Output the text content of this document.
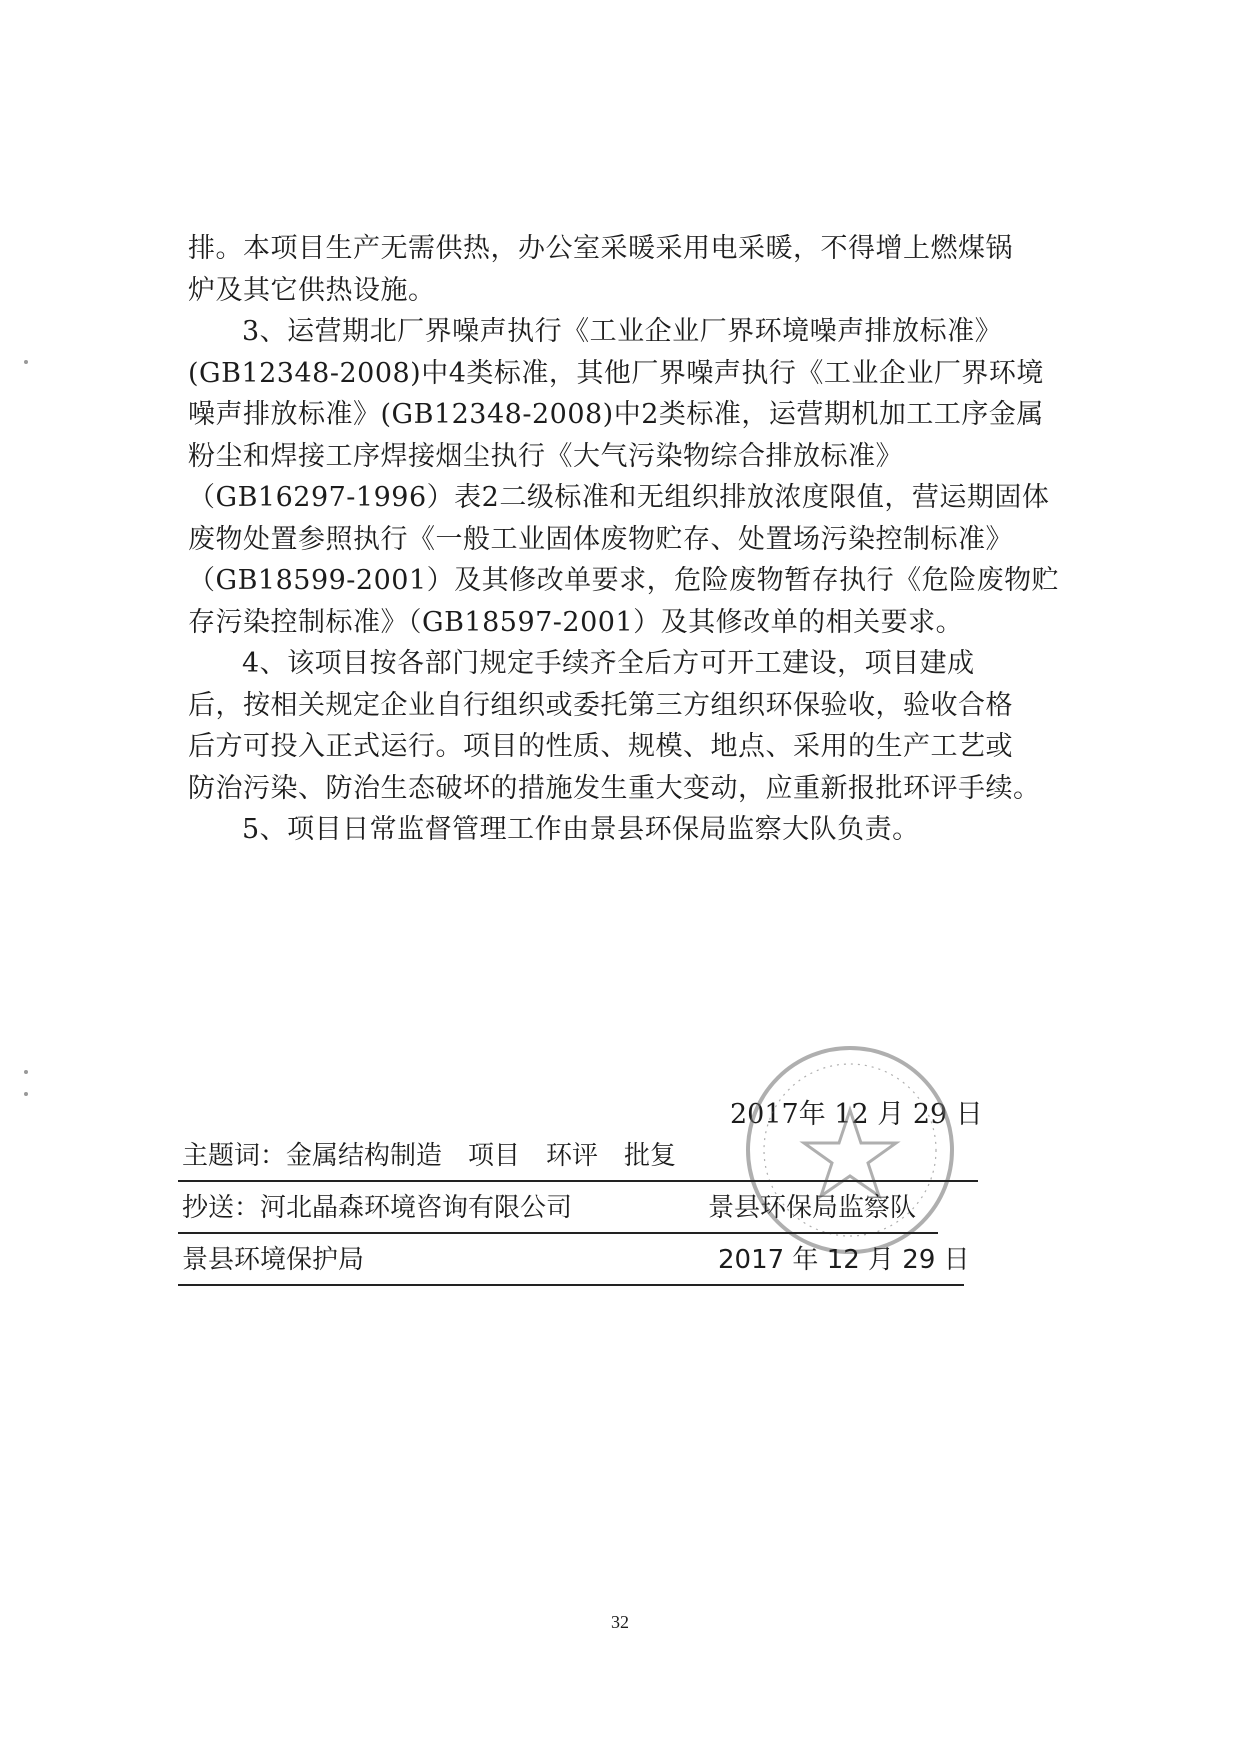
排。本项目生产无需供热，办公室采暖采用电采暖，不得增上燃煤锅
炉及其它供热设施。
3、运营期北厂界噪声执行《工业企业厂界环境噪声排放标准》
(GB12348-2008)中4类标准，其他厂界噪声执行《工业企业厂界环境
噪声排放标准》(GB12348-2008)中2类标准，运营期机加工工序金属
粉尘和焊接工序焊接烟尘执行《大气污染物综合排放标准》
（GB16297-1996）表2二级标准和无组织排放浓度限值，营运期固体
废物处置参照执行《一般工业固体废物贮存、处置场污染控制标准》
（GB18599-2001）及其修改单要求，危险废物暂存执行《危险废物贮
存污染控制标准》（GB18597-2001）及其修改单的相关要求。
4、该项目按各部门规定手续齐全后方可开工建设，项目建成
后，按相关规定企业自行组织或委托第三方组织环保验收，验收合格
后方可投入正式运行。项目的性质、规模、地点、采用的生产工艺或
防治污染、防治生态破坏的措施发生重大变动，应重新报批环评手续。
5、项目日常监督管理工作由景县环保局监察大队负责。
2017年 12 月 29 日
主题词：金属结构制造　项目　环评　批复
抄送：河北晶森环境咨询有限公司	景县环保局监察队
景县环境保护局	2017 年 12 月 29 日
32
